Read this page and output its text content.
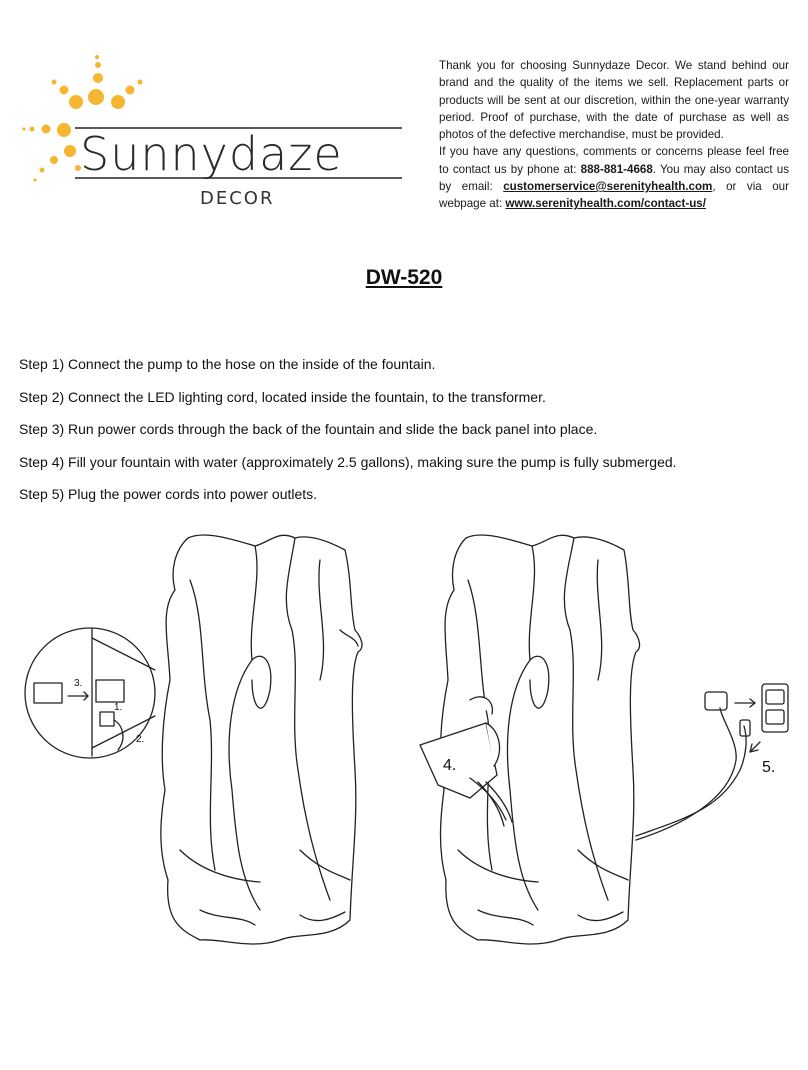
Sunnydaze
DECOR

Thank you for choosing Sunnydaze Decor. We stand behind our brand and the quality of the items we sell. Replacement parts or products will be sent at our discretion, within the one-year warranty period. Proof of purchase, with the date of purchase as well as photos of the defective merchandise, must be provided.

If you have any questions, comments or concerns please feel free to contact us by phone at: 888-881-4668. You may also contact us by email: customerservice@serenityhealth.com, or via our webpage at: www.serenityhealth.com/contact-us/

DW-520
Step 1) Connect the pump to the hose on the inside of the fountain.
Step 2) Connect the LED lighting cord, located inside the fountain, to the transformer.
Step 3) Run power cords through the back of the fountain and slide the back panel into place.
Step 4) Fill your fountain with water (approximately 2.5 gallons), making sure the pump is fully submerged.
Step 5) Plug the power cords into power outlets.
3.
1.
2.
4.	5.
